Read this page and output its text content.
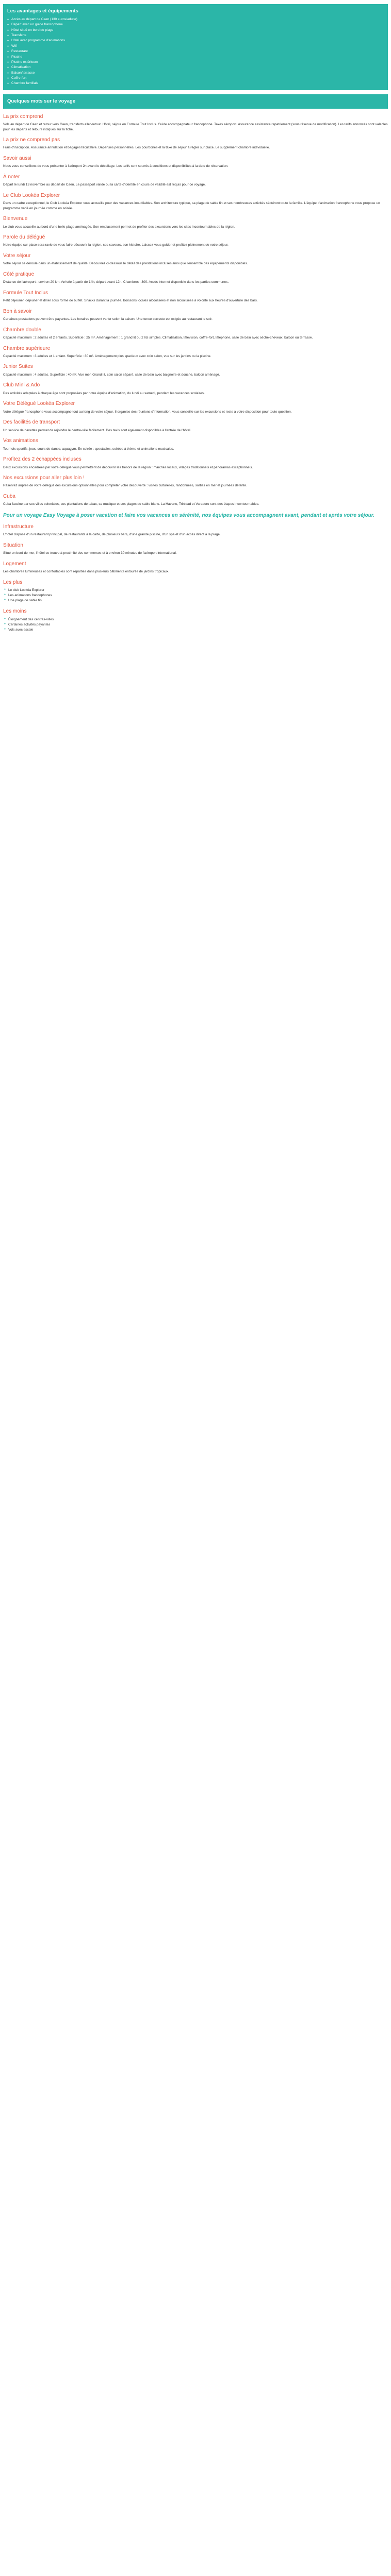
Les avantages et équipements
● Accès au départ de Caen (130 euros/adulte)
● Départ avec un guide francophone
● Hôtel situé en bord de plage
● Transferts
● Hôtel avec programme d'animations
● Wifi
● Restaurant
● Piscine
● Piscine extérieure
● Climatisation
● Balcon/terrasse
● Coffre-fort
● Chambre familiale
Quelques mots sur le voyage
La prix comprend

Vols au départ de Caen et retour vers Caen, transferts aller-retour. Hôtel, séjour en Formule Tout Inclus. Guide accompagnateur francophone. Taxes aéroport. Assurance assistance rapatriement (sous réserve de modification). Les tarifs annoncés sont valables pour les départs et retours indiqués sur la fiche.

La prix ne comprend pas

Frais d'inscription. Assurance annulation et bagages facultative. Dépenses personnelles. Les pourboires et la taxe de séjour à régler sur place. Le supplément chambre individuelle.

Savoir aussi

Nous vous conseillons de vous présenter à l'aéroport 2h avant le décollage. Les tarifs sont soumis à conditions et disponibilités à la date de réservation.

À noter

Départ le lundi 13 novembre au départ de Caen. Le passeport valide ou la carte d'identité en cours de validité est requis pour ce voyage.

Le Club Lookéa Explorer

Dans un cadre exceptionnel, le Club Lookéa Explorer vous accueille pour des vacances inoubliables. Son architecture typique, sa plage de sable fin et ses nombreuses activités séduiront toute la famille. L'équipe d'animation francophone vous propose un programme varié en journée comme en soirée.

Bienvenue

Le club vous accueille au bord d'une belle plage aménagée. Son emplacement permet de profiter des excursions vers les sites incontournables de la région.

Parole du délégué

Notre équipe sur place sera ravie de vous faire découvrir la région, ses saveurs, son histoire. Laissez-vous guider et profitez pleinement de votre séjour.

Votre séjour

Votre séjour se déroule dans un établissement de qualité. Découvrez ci-dessous le détail des prestations incluses ainsi que l'ensemble des équipements disponibles.

Côté pratique

Distance de l'aéroport : environ 20 km. Arrivée à partir de 14h, départ avant 12h. Chambres : 300. Accès internet disponible dans les parties communes.

Formule Tout Inclus

Petit déjeuner, déjeuner et dîner sous forme de buffet. Snacks durant la journée. Boissons locales alcoolisées et non alcoolisées à volonté aux heures d'ouverture des bars.

Bon à savoir

Certaines prestations peuvent être payantes. Les horaires peuvent varier selon la saison. Une tenue correcte est exigée au restaurant le soir.

Chambre double

Capacité maximum : 2 adultes et 2 enfants. Superficie : 25 m². Aménagement : 1 grand lit ou 2 lits simples. Climatisation, télévision, coffre-fort, téléphone, salle de bain avec sèche-cheveux, balcon ou terrasse.

Chambre supérieure

Capacité maximum : 3 adultes et 1 enfant. Superficie : 30 m². Aménagement plus spacieux avec coin salon, vue sur les jardins ou la piscine.

Junior Suites

Capacité maximum : 4 adultes. Superficie : 40 m². Vue mer. Grand lit, coin salon séparé, salle de bain avec baignoire et douche, balcon aménagé.

Club Mini & Ado

Des activités adaptées à chaque âge sont proposées par notre équipe d'animation, du lundi au samedi, pendant les vacances scolaires.

Votre Délégué Lookéa Explorer

Votre délégué francophone vous accompagne tout au long de votre séjour. Il organise des réunions d'information, vous conseille sur les excursions et reste à votre disposition pour toute question.

Des facilités de transport

Un service de navettes permet de rejoindre le centre-ville facilement. Des taxis sont également disponibles à l'entrée de l'hôtel.

Vos animations

Tournois sportifs, jeux, cours de danse, aquagym. En soirée : spectacles, soirées à thème et animations musicales.

Profitez des 2 échappées incluses

Deux excursions encadrées par votre délégué vous permettent de découvrir les trésors de la région : marchés locaux, villages traditionnels et panoramas exceptionnels.

Nos excursions pour aller plus loin !

Réservez auprès de votre délégué des excursions optionnelles pour compléter votre découverte : visites culturelles, randonnées, sorties en mer et journées détente.

Cuba

Cuba fascine par ses villes coloniales, ses plantations de tabac, sa musique et ses plages de sable blanc. La Havane, Trinidad et Varadero sont des étapes incontournables.

Pour un voyage Easy Voyage à poser vacation et faire vos vacances en sérénité, nos équipes vous accompagnent avant, pendant et après votre séjour.

Infrastructure

L'hôtel dispose d'un restaurant principal, de restaurants à la carte, de plusieurs bars, d'une grande piscine, d'un spa et d'un accès direct à la plage.

Situation

Situé en bord de mer, l'hôtel se trouve à proximité des commerces et à environ 30 minutes de l'aéroport international.

Logement

Les chambres lumineuses et confortables sont réparties dans plusieurs bâtiments entourés de jardins tropicaux.

Les plus
● Le club Lookéa Explorer
● Les animations francophones
● Une plage de sable fin
Les moins
● Éloignement des centres-villes
● Certaines activités payantes
● Vols avec escale
